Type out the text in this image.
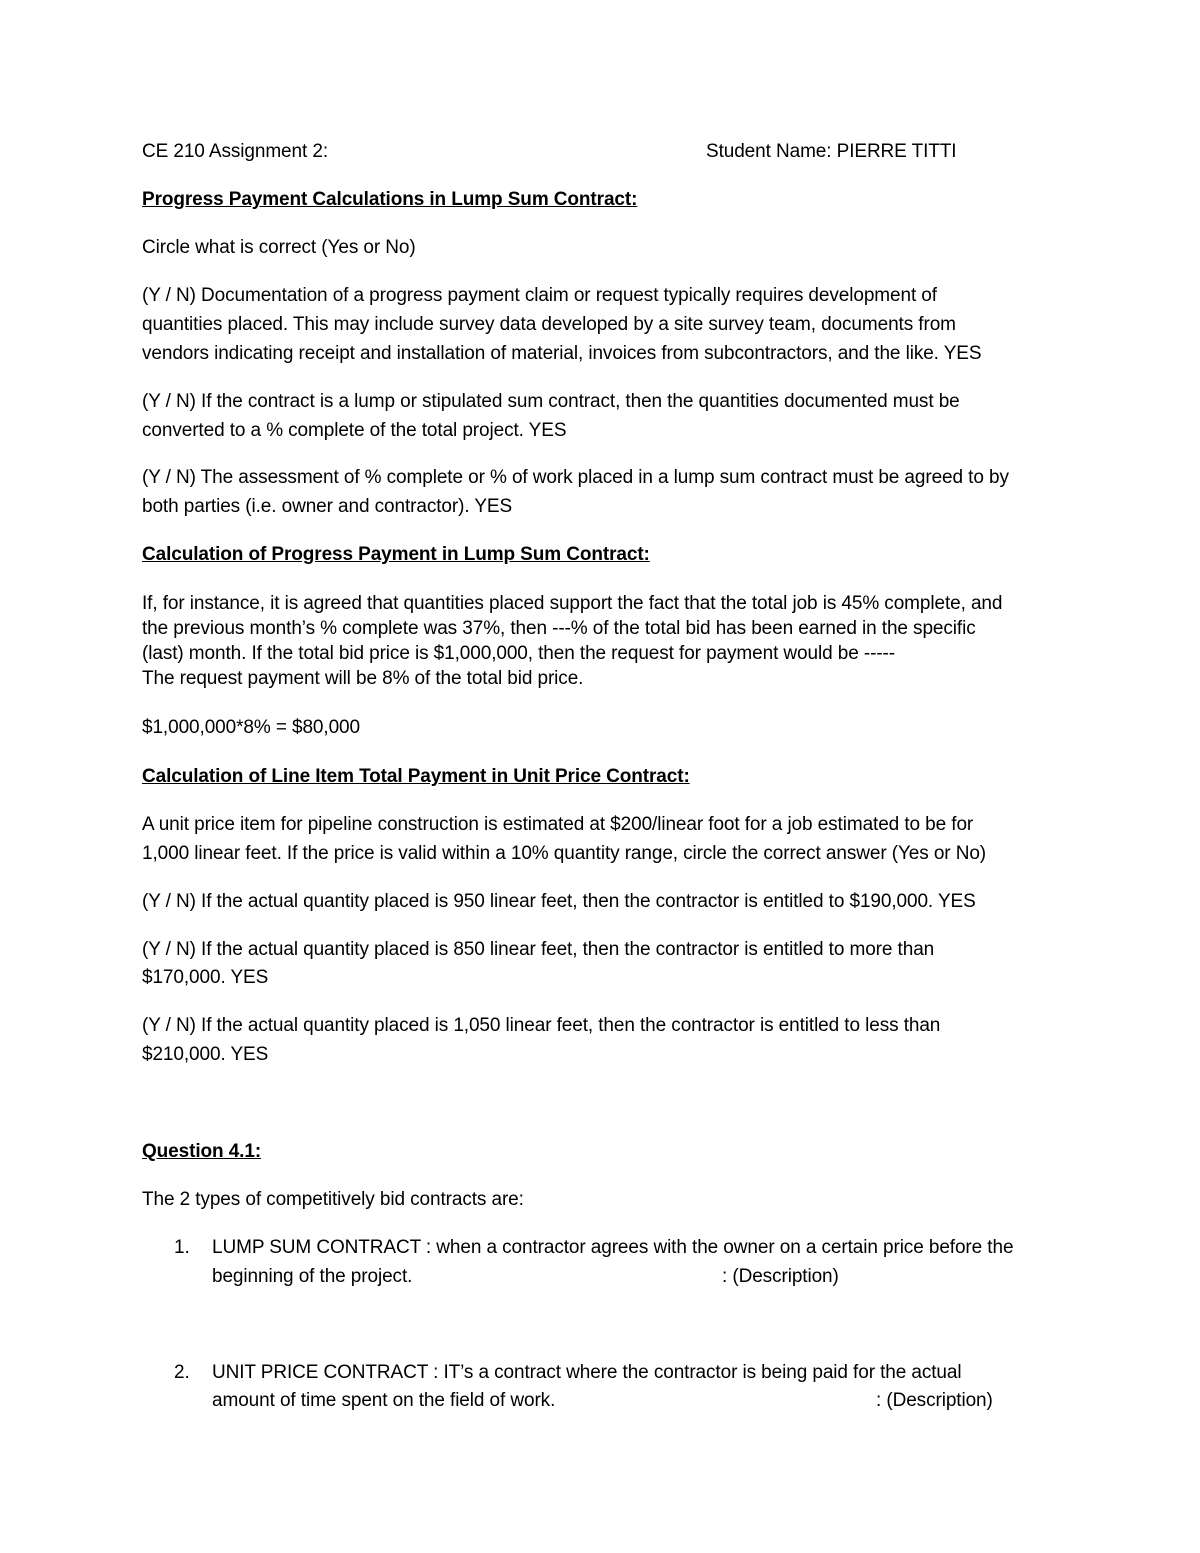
CE 210 Assignment 2:	Student Name: PIERRE TITTI
Progress Payment Calculations in Lump Sum Contract:
Circle what is correct (Yes or No)
(Y / N) Documentation of a progress payment claim or request typically requires development of
quantities placed. This may include survey data developed by a site survey team, documents from
vendors indicating receipt and installation of material, invoices from subcontractors, and the like. YES
(Y / N) If the contract is a lump or stipulated sum contract, then the quantities documented must be
converted to a % complete of the total project. YES
(Y / N) The assessment of % complete or % of work placed in a lump sum contract must be agreed to by
both parties (i.e. owner and contractor). YES
Calculation of Progress Payment in Lump Sum Contract:
If, for instance, it is agreed that quantities placed support the fact that the total job is 45% complete, and
the previous month’s % complete was 37%, then ---% of the total bid has been earned in the specific
(last) month. If the total bid price is $1,000,000, then the request for payment would be -----
The request payment will be 8% of the total bid price.
$1,000,000*8% = $80,000
Calculation of Line Item Total Payment in Unit Price Contract:
A unit price item for pipeline construction is estimated at $200/linear foot for a job estimated to be for
1,000 linear feet. If the price is valid within a 10% quantity range, circle the correct answer (Yes or No)
(Y / N) If the actual quantity placed is 950 linear feet, then the contractor is entitled to $190,000. YES
(Y / N) If the actual quantity placed is 850 linear feet, then the contractor is entitled to more than
$170,000. YES
(Y / N) If the actual quantity placed is 1,050 linear feet, then the contractor is entitled to less than
$210,000. YES
Question 4.1:
The 2 types of competitively bid contracts are:
1. LUMP SUM CONTRACT : when a contractor agrees with the owner on a certain price before the
beginning of the project.	: (Description)
2. UNIT PRICE CONTRACT : IT’s a contract where the contractor is being paid for the actual
amount of time spent on the field of work.	: (Description)
